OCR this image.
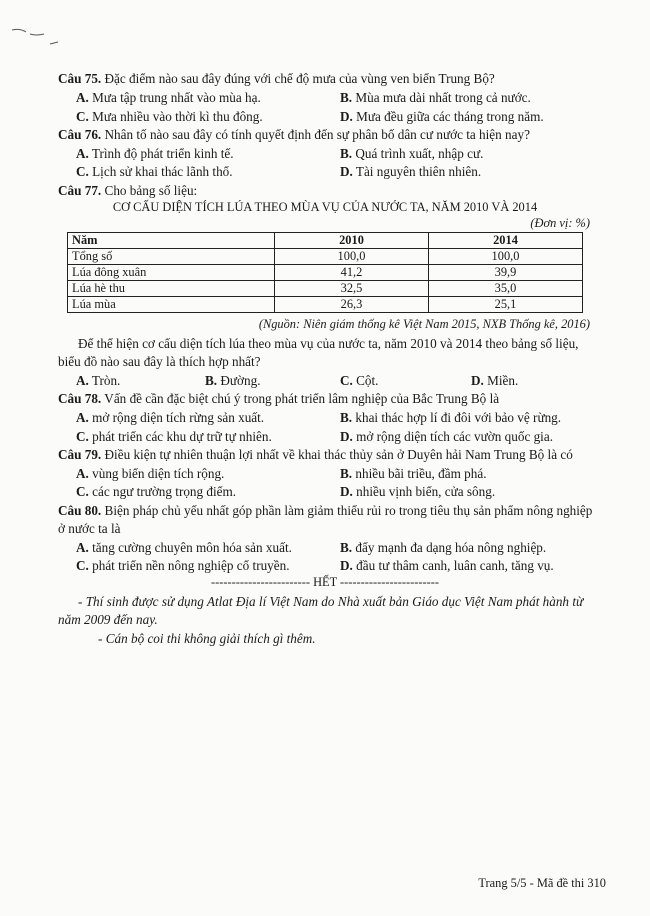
Câu 75. Đặc điểm nào sau đây đúng với chế độ mưa của vùng ven biển Trung Bộ?
A. Mưa tập trung nhất vào mùa hạ.	B. Mùa mưa dài nhất trong cả nước.
C. Mưa nhiều vào thời kì thu đông.	D. Mưa đều giữa các tháng trong năm.
Câu 76. Nhân tố nào sau đây có tính quyết định đến sự phân bố dân cư nước ta hiện nay?
A. Trình độ phát triển kinh tế.	B. Quá trình xuất, nhập cư.
C. Lịch sử khai thác lãnh thổ.	D. Tài nguyên thiên nhiên.
Câu 77. Cho bảng số liệu:
CƠ CẤU DIỆN TÍCH LÚA THEO MÙA VỤ CỦA NƯỚC TA, NĂM 2010 VÀ 2014
(Đơn vị: %)
Năm	2010	2014
Tổng số	100,0	100,0
Lúa đông xuân	41,2	39,9
Lúa hè thu	32,5	35,0
Lúa mùa	26,3	25,1
(Nguồn: Niên giám thống kê Việt Nam 2015, NXB Thống kê, 2016)
Để thể hiện cơ cấu diện tích lúa theo mùa vụ của nước ta, năm 2010 và 2014 theo bảng số liệu,
biểu đồ nào sau đây là thích hợp nhất?
A. Tròn.	B. Đường.	C. Cột.	D. Miền.
Câu 78. Vấn đề cần đặc biệt chú ý trong phát triển lâm nghiệp của Bắc Trung Bộ là
A. mở rộng diện tích rừng sản xuất.	B. khai thác hợp lí đi đôi với bảo vệ rừng.
C. phát triển các khu dự trữ tự nhiên.	D. mở rộng diện tích các vườn quốc gia.
Câu 79. Điều kiện tự nhiên thuận lợi nhất về khai thác thủy sản ở Duyên hải Nam Trung Bộ là có
A. vùng biển diện tích rộng.	B. nhiều bãi triều, đầm phá.
C. các ngư trường trọng điểm.	D. nhiều vịnh biển, cửa sông.
Câu 80. Biện pháp chủ yếu nhất góp phần làm giảm thiểu rủi ro trong tiêu thụ sản phẩm nông nghiệp
ở nước ta là
A. tăng cường chuyên môn hóa sản xuất.	B. đẩy mạnh đa dạng hóa nông nghiệp.
C. phát triển nền nông nghiệp cổ truyền.	D. đầu tư thâm canh, luân canh, tăng vụ.
------------------------ HẾT ------------------------
- Thí sinh được sử dụng Atlat Địa lí Việt Nam do Nhà xuất bản Giáo dục Việt Nam phát hành từ
năm 2009 đến nay.
- Cán bộ coi thi không giải thích gì thêm.
Trang 5/5 - Mã đề thi 310
